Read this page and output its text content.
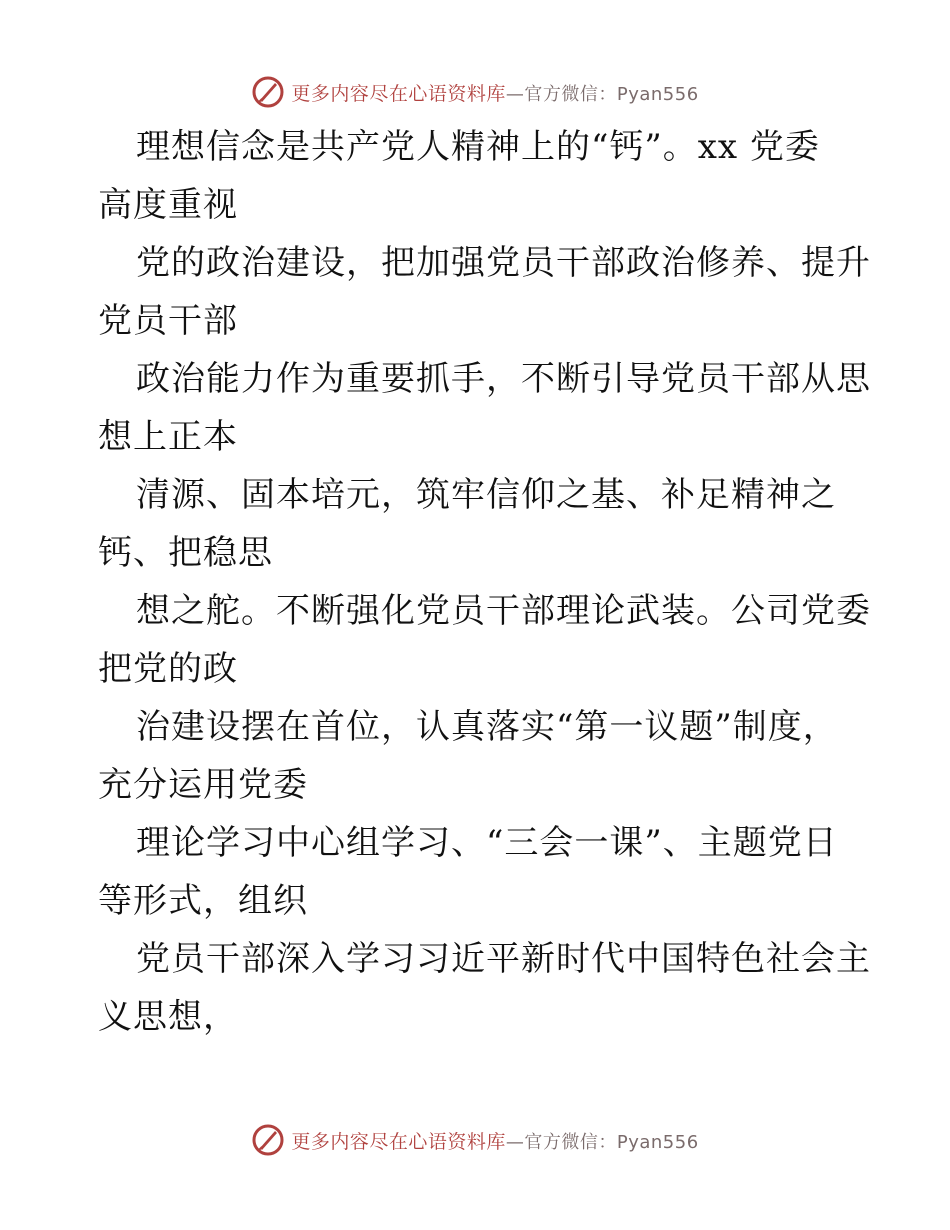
更多内容尽在心语资料库—官方微信：Pyan556
理想信念是共产党人精神上的“钙”。xx 党委
高度重视
党的政治建设，把加强党员干部政治修养、提升
党员干部
政治能力作为重要抓手，不断引导党员干部从思
想上正本
清源、固本培元，筑牢信仰之基、补足精神之
钙、把稳思
想之舵。不断强化党员干部理论武装。公司党委
把党的政
治建设摆在首位，认真落实“第一议题”制度，
充分运用党委
理论学习中心组学习、“三会一课”、主题党日
等形式，组织
党员干部深入学习习近平新时代中国特色社会主
义思想，
更多内容尽在心语资料库—官方微信：Pyan556
